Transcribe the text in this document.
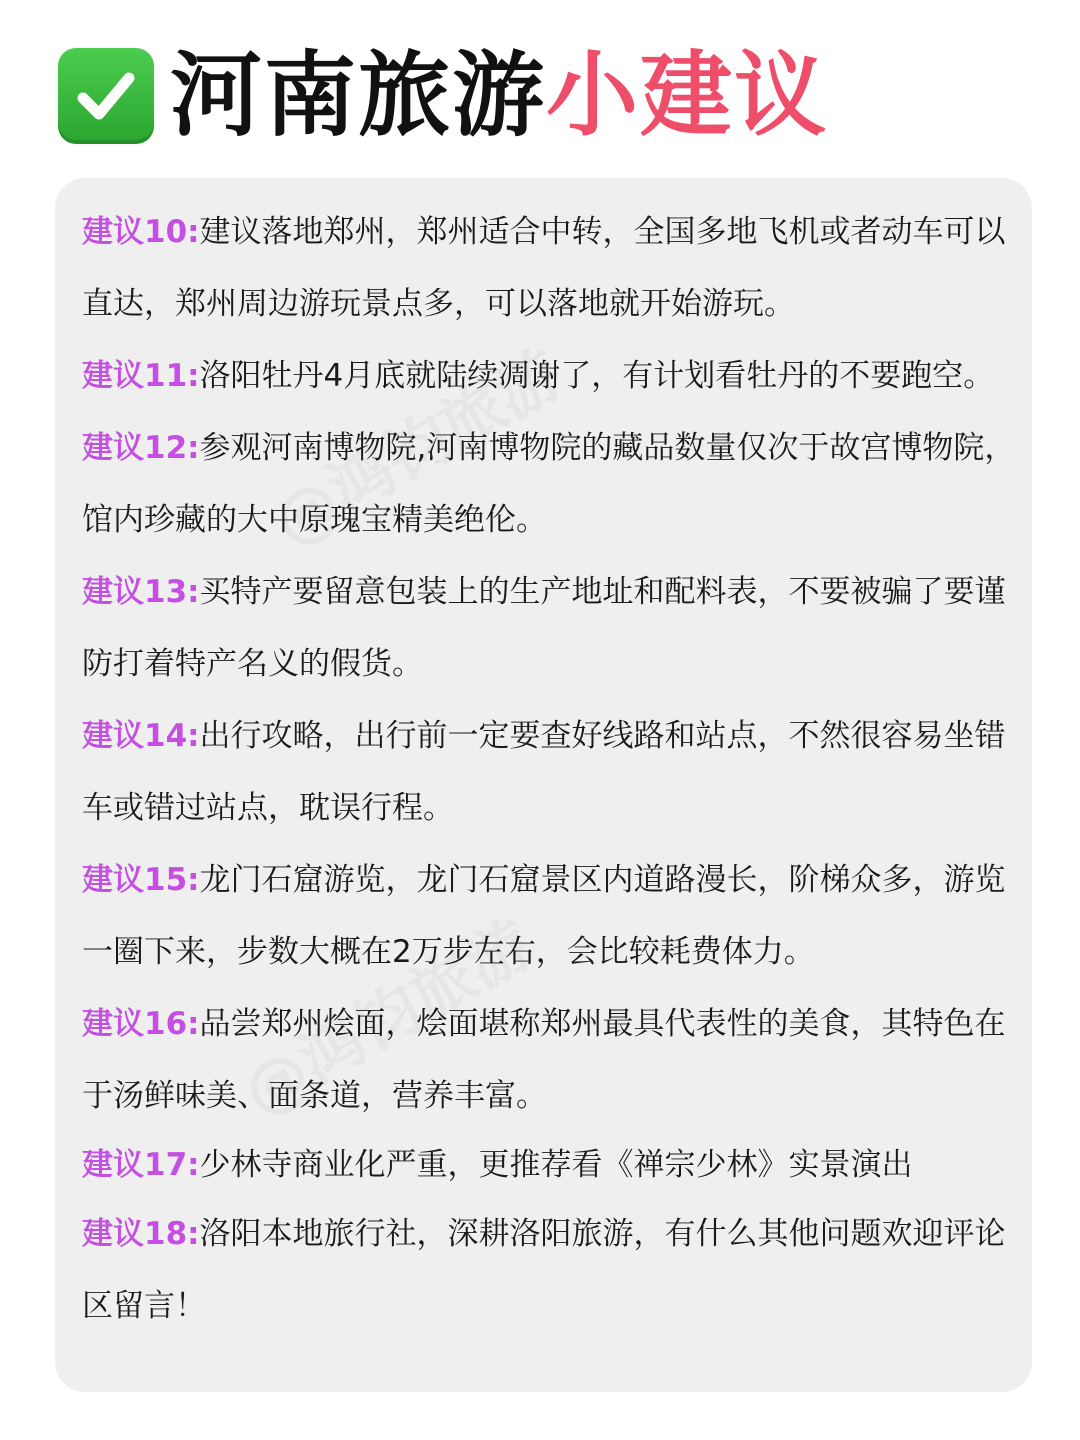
河南旅游小建议
建议10:建议落地郑州，郑州适合中转，全国多地飞机或者动车可以直达，郑州周边游玩景点多，可以落地就开始游玩。
建议11:洛阳牡丹4月底就陆续凋谢了，有计划看牡丹的不要跑空。
建议12:参观河南博物院,河南博物院的藏品数量仅次于故宫博物院，馆内珍藏的大中原瑰宝精美绝伦。
建议13:买特产要留意包装上的生产地址和配料表，不要被骗了要谨防打着特产名义的假货。
建议14:出行攻略，出行前一定要查好线路和站点，不然很容易坐错车或错过站点，耽误行程。
建议15:龙门石窟游览，龙门石窟景区内道路漫长，阶梯众多，游览一圈下来，步数大概在2万步左右，会比较耗费体力。
建议16:品尝郑州烩面，烩面堪称郑州最具代表性的美食，其特色在于汤鲜味美、面条道，营养丰富。
建议17:少林寺商业化严重，更推荐看《禅宗少林》实景演出
建议18:洛阳本地旅行社，深耕洛阳旅游，有什么其他问题欢迎评论区留言！
